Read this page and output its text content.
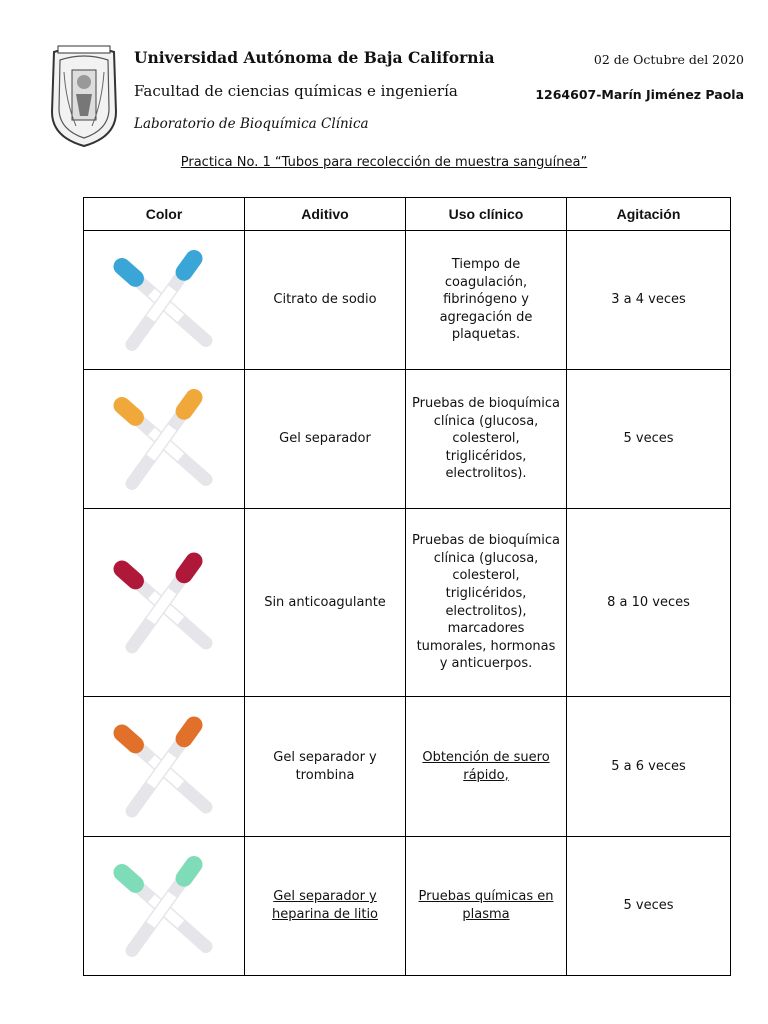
Universidad Autónoma de Baja California
Facultad de ciencias químicas e ingeniería
Laboratorio de Bioquímica Clínica
02 de Octubre del 2020
1264607-Marín Jiménez Paola
Practica No. 1 “Tubos para recolección de muestra sanguínea”
Color	Aditivo	Uso clínico	Agitación

	Citrato de sodio	Tiempo de coagulación, fibrinógeno y agregación de plaquetas.	3 a 4 veces

	Gel separador	Pruebas de bioquímica clínica (glucosa, colesterol, triglicéridos, electrolitos).	5 veces

	Sin anticoagulante	Pruebas de bioquímica clínica (glucosa, colesterol, triglicéridos, electrolitos), marcadores tumorales, hormonas y anticuerpos.	8 a 10 veces

	Gel separador y trombina	Obtención de suero rápido,	5 a 6 veces

	Gel separador y heparina de litio	Pruebas químicas en plasma	5 veces
